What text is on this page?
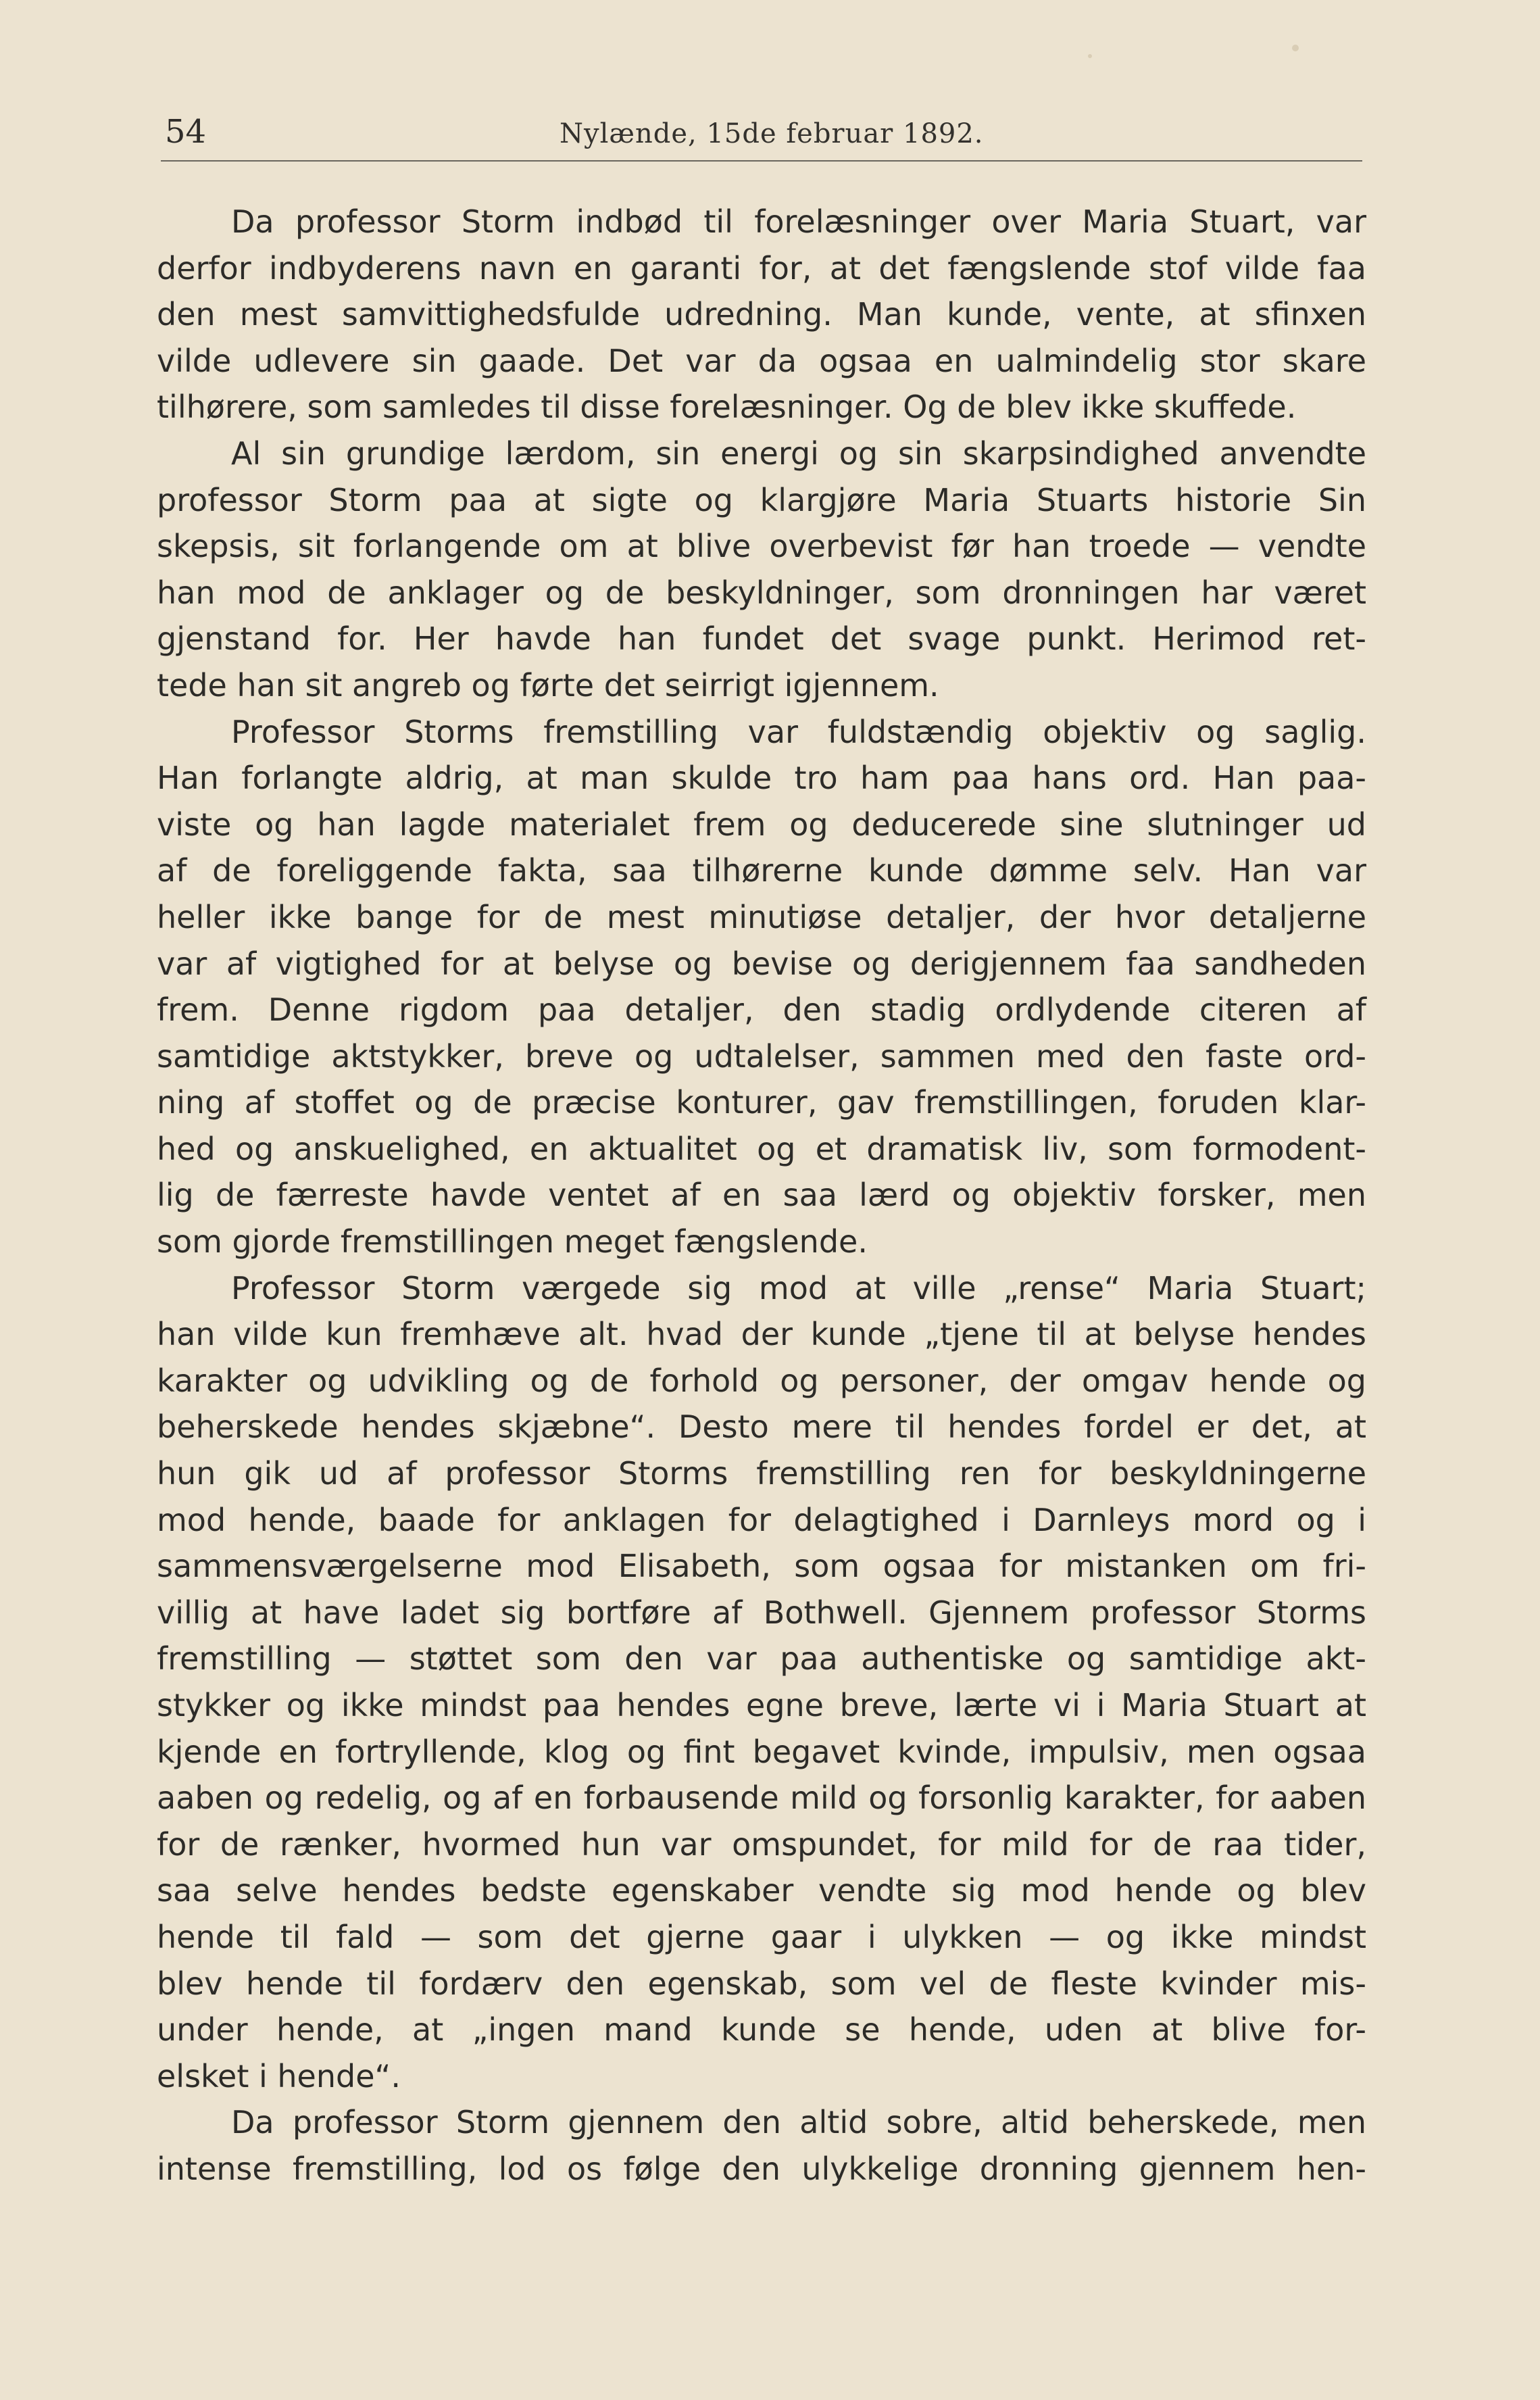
54	Nylænde, 15de februar 1892.
Da professor Storm indbød til forelæsninger over Maria Stuart, var
derfor indbyderens navn en garanti for, at det fængslende stof vilde faa
den mest samvittighedsfulde udredning. Man kunde, vente, at sfinxen
vilde udlevere sin gaade. Det var da ogsaa en ualmindelig stor skare
tilhørere, som samledes til disse forelæsninger. Og de blev ikke skuffede.
Al sin grundige lærdom, sin energi og sin skarpsindighed anvendte
professor Storm paa at sigte og klargjøre Maria Stuarts historie Sin
skepsis, sit forlangende om at blive overbevist før han troede — vendte
han mod de anklager og de beskyldninger, som dronningen har været
gjenstand for. Her havde han fundet det svage punkt. Herimod ret-
tede han sit angreb og førte det seirrigt igjennem.
Professor Storms fremstilling var fuldstændig objektiv og saglig.
Han forlangte aldrig, at man skulde tro ham paa hans ord. Han paa-
viste og han lagde materialet frem og deducerede sine slutninger ud
af de foreliggende fakta, saa tilhørerne kunde dømme selv. Han var
heller ikke bange for de mest minutiøse detaljer, der hvor detaljerne
var af vigtighed for at belyse og bevise og derigjennem faa sandheden
frem. Denne rigdom paa detaljer, den stadig ordlydende citeren af
samtidige aktstykker, breve og udtalelser, sammen med den faste ord-
ning af stoffet og de præcise konturer, gav fremstillingen, foruden klar-
hed og anskuelighed, en aktualitet og et dramatisk liv, som formodent-
lig de færreste havde ventet af en saa lærd og objektiv forsker, men
som gjorde fremstillingen meget fængslende.
Professor Storm værgede sig mod at ville „rense“ Maria Stuart;
han vilde kun fremhæve alt. hvad der kunde „tjene til at belyse hendes
karakter og udvikling og de forhold og personer, der omgav hende og
beherskede hendes skjæbne“. Desto mere til hendes fordel er det, at
hun gik ud af professor Storms fremstilling ren for beskyldningerne
mod hende, baade for anklagen for delagtighed i Darnleys mord og i
sammensværgelserne mod Elisabeth, som ogsaa for mistanken om fri-
villig at have ladet sig bortføre af Bothwell. Gjennem professor Storms
fremstilling — støttet som den var paa authentiske og samtidige akt-
stykker og ikke mindst paa hendes egne breve, lærte vi i Maria Stuart at
kjende en fortryllende, klog og fint begavet kvinde, impulsiv, men ogsaa
aaben og redelig, og af en forbausende mild og forsonlig karakter, for aaben
for de rænker, hvormed hun var omspundet, for mild for de raa tider,
saa selve hendes bedste egenskaber vendte sig mod hende og blev
hende til fald — som det gjerne gaar i ulykken — og ikke mindst
blev hende til fordærv den egenskab, som vel de fleste kvinder mis-
under hende, at „ingen mand kunde se hende, uden at blive for-
elsket i hende“.
Da professor Storm gjennem den altid sobre, altid beherskede, men
intense fremstilling, lod os følge den ulykkelige dronning gjennem hen-
